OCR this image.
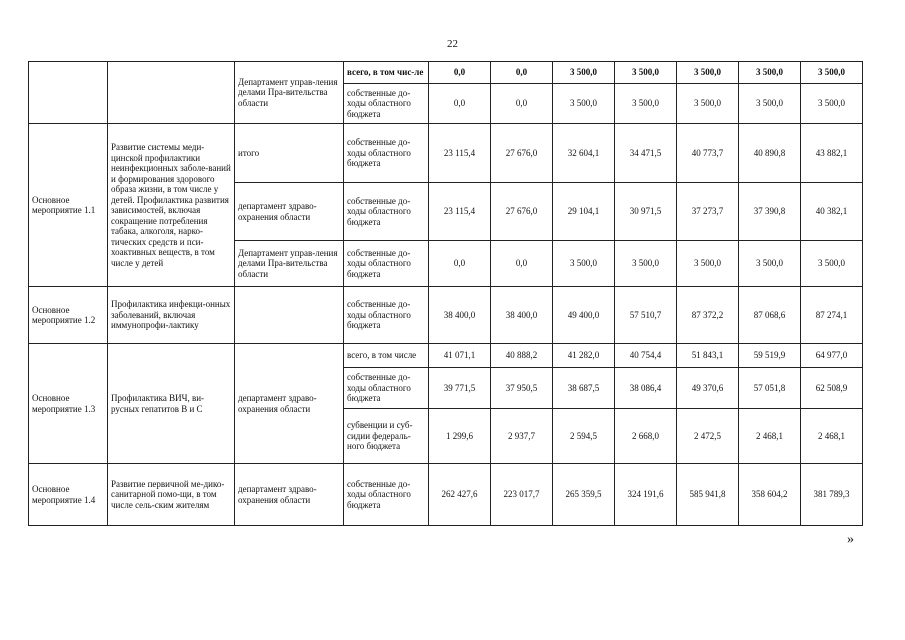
22
		Департамент управ-ления делами Пра-вительства области	всего, в том чис-ле	0,0	0,0	3 500,0	3 500,0	3 500,0	3 500,0	3 500,0
			собственные до-ходы областного бюджета	0,0	0,0	3 500,0	3 500,0	3 500,0	3 500,0	3 500,0
Основное мероприятие 1.1	Развитие системы меди-цинской профилактики неинфекционных заболе-ваний и формирования здорового образа жизни, в том числе у детей. Профилактика развития зависимостей, включая сокращение потребления табака, алкоголя, нарко-тических средств и пси-хоактивных веществ, в том числе у детей	итого	собственные до-ходы областного бюджета	23 115,4	27 676,0	32 604,1	34 471,5	40 773,7	40 890,8	43 882,1
		департамент здраво-охранения области	собственные до-ходы областного бюджета	23 115,4	27 676,0	29 104,1	30 971,5	37 273,7	37 390,8	40 382,1
		Департамент управ-ления делами Пра-вительства области	собственные до-ходы областного бюджета	0,0	0,0	3 500,0	3 500,0	3 500,0	3 500,0	3 500,0
Основное мероприятие 1.2	Профилактика инфекци-онных заболеваний, включая иммунопрофи-лактику		собственные до-ходы областного бюджета	38 400,0	38 400,0	49 400,0	57 510,7	87 372,2	87 068,6	87 274,1
Основное мероприятие 1.3	Профилактика ВИЧ, ви-русных гепатитов В и С	департамент здраво-охранения области	всего, в том числе	41 071,1	40 888,2	41 282,0	40 754,4	51 843,1	59 519,9	64 977,0
			собственные до-ходы областного бюджета	39 771,5	37 950,5	38 687,5	38 086,4	49 370,6	57 051,8	62 508,9
			субвенции и суб-сидии федераль-ного бюджета	1 299,6	2 937,7	2 594,5	2 668,0	2 472,5	2 468,1	2 468,1
Основное мероприятие 1.4	Развитие первичной ме-дико-санитарной помо-щи, в том числе сель-ским жителям	департамент здраво-охранения области	собственные до-ходы областного бюджета	262 427,6	223 017,7	265 359,5	324 191,6	585 941,8	358 604,2	381 789,3
»
